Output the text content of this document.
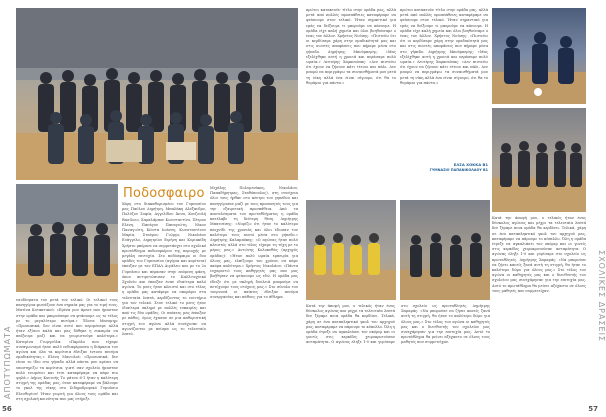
ΑΠΟΤΥΠΩΜΑΤΑ
56
Ποδοσφαιρο

ναυδίσματα του μετά τον τελικό. Οι τελικοί τους πανηγύρια φωνάζουν ένα σημαία μας για το τιμή τους. Ματίνα Κυτακτικού: «Εμένα μου άρεσε που ήμασταν στην ομάδα και μπορούσαμε να φτάσουμε ως το τέλος με το μεγαλύτερο πνεύμα.» Έλενα Μανομηρ: «Προσωπικά, δεν είναι αυτό που περιμέναμε αλλά ήταν εξίσου καλά και μας δόθηκε η ευκαιρία να παίξουμε μαζί και να γνωριστούμε καλύτερα.» Κατερίνα Γιωργούλα: «Παρόλο που είχαμε συναγωνισμό ήταν πολύ ενδιαφέρουσα η διάρκεια του αγώνα και όλα τα κορίτσια έδειξαν έντονο πνεύμα ομαδικότητας.» Ελένη Μανωλιά: «Προσωπικά, δεν είναι το ίδιο στο γήπεδο αλλά πάντα μου αρέσει να υποστηρίζω τα κορίτσια, γιατί σαν σχολείο ήμασταν πολύ ενωμένοι και έτσι καταφέραμε να πάμε πιο ψηλά.» Δήμος Κουτσής Το μάτσο 6-1 ήταν η καλύτερη στιγμή της ομάδας μας, όταν καταφέραμε να βάλουμε το γκολ της νίκης στο Σιδηροδρομικό Γυμνάσιο Ελευθερίου! Ήταν γιορτή για όλους τους ομάδα και στη σχολική κοινότητα που μας στήριξε.

Χάρη στο διακαθορισμένο του Γυμνασίου μας Παύλου Δημήτρη, Μπαλάκη Αλέξανδρο, Πολύζου Σοφία, Αγγελίδου Άννα, Κουζουλή Βασίλειο, Χαραλάμπου Κωνσταντίνο, Πέτρου Ελένη, Πανάγου Παναγιώτη, Νίκου Παναγιώτη, Κώστα Ιωάννη, Κωνσταντίνου Μαρία, Σταύρου Γιώργο, Νικολάου Ευάγγελο, Δημητρίου Ειρήνη και Κυριακίδη Χρήστο μπόρεσε να συμμετάσχει στο σχολικό πρωτάθλημα ποδοσφαίρου της περιοχής με μεγάλη επιτυχία. Στο ποδόσφαιρο οι δυο ομάδες του Γυμνασίου (αγόρια και κορίτσια) έπαιξαν με τον ΕΠΑΛ Αιγάλεω και με το 2ο Γυμνάσιο και πέρασαν στην επόμενη φάση, όπου αντιμετώπισαν το Καλλιτεχνικό Σχολείο και έπαιξαν έναν ιδιαίτερα καλό αγώνα. Το ματς ήταν κλειστό και στο τέλος η ομάδα μας κατάφερε να σκοράρει στα τελευταία λεπτά, κερδίζοντας το εισιτήριο για τον τελικό. Στον τελικό το ματς ήταν ιδιαίτερα σκληρό με πολλές ευκαιρίες και από τις δύο ομάδες. Οι παίκτες μας έπαιξαν με πάθος, όμως έχασαν σε μια καθοριστική στιγμή του αγώνα αλλά συνέχισαν να αγωνίζονται με πείσμα ως το τελευταίο λεπτό.

Μιχάλης Πολυμενάκος, Νικολάου, Παπαδήμητρας, Σταθόπουλος), στη συνέχεια όλοι τους ήρθαν στο κέντρο του γηπέδου και πανηγύρισαν μαζί με τους προπονητές τους για την εξαιρετική προσπάθεια. Από τα αποτελέσματα του πρωταθλήματος η ομάδα κατέλαβε τη δεύτερη θέση. Δημήτρης Μπατσέσης: «Νομίζω ότι ήταν το καλύτερο παιχνίδι της χρονιάς και όλοι έδωσαν τον καλύτερο τους εαυτό μέσα στο γήπεδο.» Δημήτρης Καλαμπόκης: «Ο αγώνας ήταν πολύ κλειστός αλλά στο τέλος είχαμε τη τύχη με το μέρος μας.» Αντώνης Κολοκυθάς (αρχηγός ομάδας): «Ήταν πολύ ωραία εμπειρία για όλους μας, ελπίζουμε του χρόνου να πάμε ακόμα καλύτερα.» Χρήστος Νικολάου: «Πάντα ευχαριστώ τους καθηγητές μας που μας βοήθησαν να φτάσουμε ως εδώ. Η ομάδα μας έδειξε ότι με σκληρή δουλειά μπορούμε να πετύχουμε τους στόχους μας.» Στο σύνολο του τουρνουά οι παίκτες έδειξαν πνεύμα συνεργασίας και πάθους για το άθλημα.	ΣΧΟΛΙΚΕΣ ΔΡΑΣΕΙΣ
57

πρώτοι κατακτούν τίτλο στην ομάδα μας, αλλά μετά από πολλές προσπάθειες καταφέραμε να φτάσουμε στον τελικό. Ήταν σημαντικό για εμάς να δείξουμε τι μπορούμε να κάνουμε. Η ομάδα είχε καλή χημεία και όλοι βοηθούσαμε ο ένας τον άλλον. Χρήστος Νούσης: «Πιστεύω ότι οι κερδίσαμε χάρη στην ομαδικότητά μας και στις σωστές αποφάσεις που πήραμε μέσα στο γήπεδο. Δημήτρης Μπούμπερης: «Μας εξελίχθηκε αυτή η χρονιά και περάσαμε πολύ ωραία.» Λευτέρης Χαρκσιόπας: «Δεν πιστεύω ότι έχουν να ζήσουν κάτι τέτοιο και πάλι. Δεν μπορώ να περιγράψω τα συναισθήματά μου μετά τη νίκη αλλά ένα είναι σίγουρο, ότι θα το θυμάμαι για πάντα.»

πρώτοι κατακτούν τίτλο στην ομάδα μας, αλλά μετά από πολλές προσπάθειες καταφέραμε να φτάσουμε στον τελικό. Ήταν σημαντικό για εμάς να δείξουμε τι μπορούμε να κάνουμε. Η ομάδα είχε καλή χημεία και όλοι βοηθούσαμε ο ένας τον άλλον. Χρήστος Νούσης: «Πιστεύω ότι οι κερδίσαμε χάρη στην ομαδικότητά μας και στις σωστές αποφάσεις που πήραμε μέσα στο γήπεδο. Δημήτρης Μπούμπερης: «Μας εξελίχθηκε αυτή η χρονιά και περάσαμε πολύ ωραία.» Λευτέρης Χαρκσιόπας: «Δεν πιστεύω ότι έχουν να ζήσουν κάτι τέτοιο και πάλι. Δεν μπορώ να περιγράψω τα συναισθήματά μου μετά τη νίκη αλλά ένα είναι σίγουρο, ότι θα το θυμάμαι για πάντα.»

ΕΛΣΑ ΧΟΚΚΑ Β1
ΓΥΜΝΑΣΙΟ ΠΑΠΑΝΙΚΟΛΑΟΥ Β1

Κατά την άποψή μου, ο τελικός ήταν ένας δύσκολος αγώνας και μέχρι τα τελευταία λεπτά δεν ξέραμε ποια ομάδα θα κερδίσει. Τελικά, χάρη σε ένα καταπληκτικό γκολ του αρχηγού μας, καταφέραμε να πάρουμε το κύπελλο. Όλη η ομάδα έτρεξε να αγκαλιάσει τον σκόρερ και οι γονείς στις κερκίδες χειροκροτούσαν ασταμάτητα. Ο αγώνας έληξε 1-0 και γυρίσαμε στο σχολείο ως πρωταθλητές. Δημήτρης Σαμαράς: «Να μπορούσε να ζήσει κανείς ξανά αυτή τη στιγμή, θα ήταν το καλύτερο δώρο για όλους μας.» Στο τέλος του αγώνα οι καθηγητές μας και ο διευθυντής του σχολείου μας συνεχάρησαν για την επιτυχία μας. Αυτό το πρωτάθλημα θα μείνει αξέχαστο σε όλους τους μαθητές που συμμετείχαν.

Κατά την άποψή μου, ο τελικός ήταν ένας δύσκολος αγώνας και μέχρι τα τελευταία λεπτά δεν ξέραμε ποια ομάδα θα κερδίσει. Τελικά, χάρη σε ένα καταπληκτικό γκολ του αρχηγού μας, καταφέραμε να πάρουμε το κύπελλο. Όλη η ομάδα έτρεξε να αγκαλιάσει τον σκόρερ και οι γονείς στις κερκίδες χειροκροτούσαν ασταμάτητα. Ο αγώνας έληξε 1-0 και γυρίσαμε στο σχολείο ως πρωταθλητές. Δημήτρης Σαμαράς: «Να μπορούσε να ζήσει κανείς ξανά αυτή τη στιγμή, θα ήταν το καλύτερο δώρο για όλους μας.» Στο τέλος του αγώνα οι καθηγητές μας και ο διευθυντής του σχολείου μας συνεχάρησαν για την επιτυχία μας. Αυτό το πρωτάθλημα θα μείνει αξέχαστο σε όλους τους μαθητές που συμμετείχαν.
